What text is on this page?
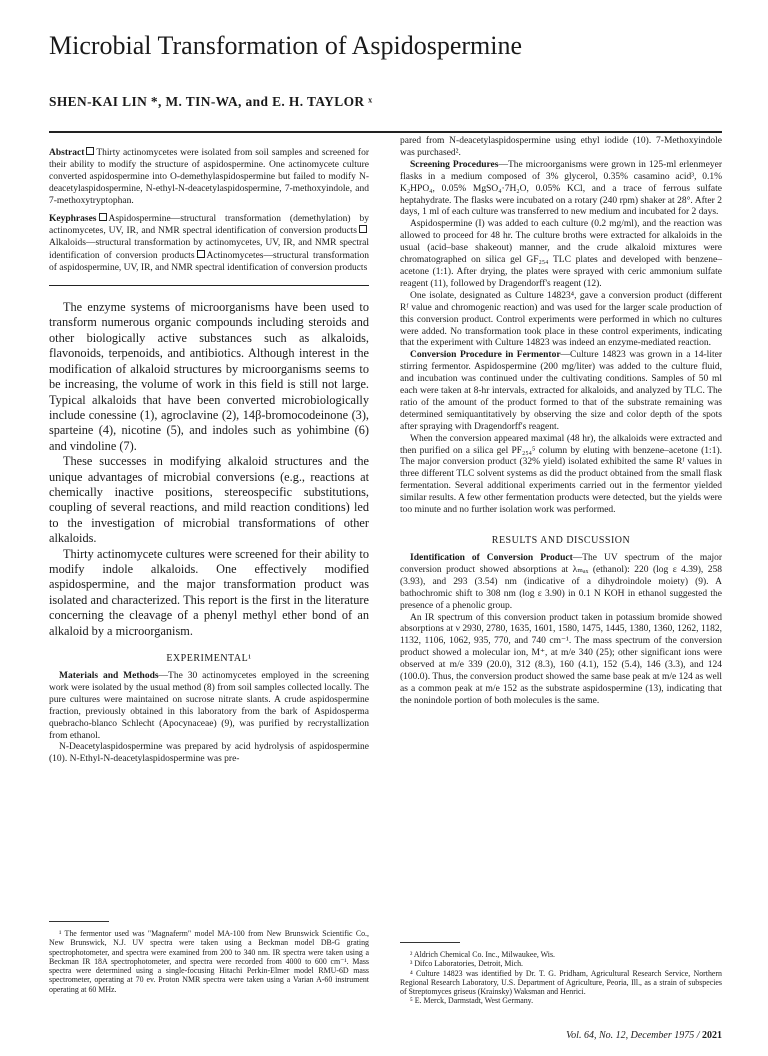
Microbial Transformation of Aspidospermine
SHEN-KAI LIN *, M. TIN-WA, and E. H. TAYLOR ˣ

Abstract Thirty actinomycetes were isolated from soil samples and screened for their ability to modify the structure of aspidospermine. One actinomycete culture converted aspidospermine into O-demethylaspidospermine but failed to modify N-deacetylaspidospermine, N-ethyl-N-deacetylaspidospermine, 7-methoxyindole, and 7-methoxytryptophan.

Keyphrases Aspidospermine—structural transformation (demethylation) by actinomycetes, UV, IR, and NMR spectral identification of conversion productsAlkaloids—structural transformation by actinomycetes, UV, IR, and NMR spectral identification of conversion products Actinomycetes—structural transformation of aspidospermine, UV, IR, and NMR spectral identification of conversion products

The enzyme systems of microorganisms have been used to transform numerous organic compounds including steroids and other biologically active substances such as alkaloids, flavonoids, terpenoids, and antibiotics. Although interest in the modification of alkaloid structures by microorganisms seems to be increasing, the volume of work in this field is still not large. Typical alkaloids that have been converted microbiologically include conessine (1), agroclavine (2), 14β-bromocodeinone (3), sparteine (4), nicotine (5), and indoles such as yohimbine (6) and vindoline (7).

These successes in modifying alkaloid structures and the unique advantages of microbial conversions (e.g., reactions at chemically inactive positions, stereospecific substitutions, coupling of several reactions, and mild reaction conditions) led to the investigation of microbial transformations of other alkaloids.

Thirty actinomycete cultures were screened for their ability to modify indole alkaloids. One effectively modified aspidospermine, and the major transformation product was isolated and characterized. This report is the first in the literature concerning the cleavage of a phenyl methyl ether bond of an alkaloid by a microorganism.

EXPERIMENTAL¹

Materials and Methods—The 30 actinomycetes employed in the screening work were isolated by the usual method (8) from soil samples collected locally. The pure cultures were maintained on sucrose nitrate slants. A crude aspidospermine fraction, previously obtained in this laboratory from the bark of Aspidosperma quebracho-blanco Schlecht (Apocynaceae) (9), was purified by recrystallization from ethanol.

N-Deacetylaspidospermine was prepared by acid hydrolysis of aspidospermine (10). N-Ethyl-N-deacetylaspidospermine was pre-

¹ The fermentor used was "Magnaferm" model MA-100 from New Brunswick Scientific Co., New Brunswick, N.J. UV spectra were taken using a Beckman model DB-G grating spectrophotometer, and spectra were examined from 200 to 340 nm. IR spectra were taken using a Beckman IR 18A spectrophotometer, and spectra were recorded from 4000 to 600 cm⁻¹. Mass spectra were determined using a single-focusing Hitachi Perkin-Elmer model RMU-6D mass spectrometer, operating at 70 ev. Proton NMR spectra were taken using a Varian A-60 instrument operating at 60 MHz.

pared from N-deacetylaspidospermine using ethyl iodide (10). 7-Methoxyindole was purchased².

Screening Procedures—The microorganisms were grown in 125-ml erlenmeyer flasks in a medium composed of 3% glycerol, 0.35% casamino acid³, 0.1% K₂HPO₄, 0.05% MgSO₄·7H₂O, 0.05% KCl, and a trace of ferrous sulfate heptahydrate. The flasks were incubated on a rotary (240 rpm) shaker at 28°. After 2 days, 1 ml of each culture was transferred to new medium and incubated for 2 days.

Aspidospermine (I) was added to each culture (0.2 mg/ml), and the reaction was allowed to proceed for 48 hr. The culture broths were extracted for alkaloids in the usual (acid–base shakeout) manner, and the crude alkaloid mixtures were chromatographed on silica gel GF₂₅₄ TLC plates and developed with benzene–acetone (1:1). After drying, the plates were sprayed with ceric ammonium sulfate reagent (11), followed by Dragendorff's reagent (12).

One isolate, designated as Culture 14823⁴, gave a conversion product (different Rᶠ value and chromogenic reaction) and was used for the larger scale production of this conversion product. Control experiments were performed in which no cultures were added. No transformation took place in these control experiments, indicating that the experiment with Culture 14823 was indeed an enzyme-mediated reaction.

Conversion Procedure in Fermentor—Culture 14823 was grown in a 14-liter stirring fermentor. Aspidospermine (200 mg/liter) was added to the culture fluid, and incubation was continued under the cultivating conditions. Samples of 50 ml each were taken at 8-hr intervals, extracted for alkaloids, and analyzed by TLC. The ratio of the amount of the product formed to that of the substrate remaining was determined semiquantitatively by observing the size and color depth of the spots after spraying with Dragendorff's reagent.

When the conversion appeared maximal (48 hr), the alkaloids were extracted and then purified on a silica gel PF₂₅₄⁵ column by eluting with benzene–acetone (1:1). The major conversion product (32% yield) isolated exhibited the same Rᶠ values in three different TLC solvent systems as did the product obtained from the small flask fermentation. Several additional experiments carried out in the fermentor yielded similar results. A few other fermentation products were detected, but the yields were too minute and no further isolation work was performed.

RESULTS AND DISCUSSION

Identification of Conversion Product—The UV spectrum of the major conversion product showed absorptions at λₘₐₓ (ethanol): 220 (log ε 4.39), 258 (3.93), and 293 (3.54) nm (indicative of a dihydroindole moiety) (9). A bathochromic shift to 308 nm (log ε 3.90) in 0.1 N KOH in ethanol suggested the presence of a phenolic group.

An IR spectrum of this conversion product taken in potassium bromide showed absorptions at ν 2930, 2780, 1635, 1601, 1580, 1475, 1445, 1380, 1360, 1262, 1182, 1132, 1106, 1062, 935, 770, and 740 cm⁻¹. The mass spectrum of the conversion product showed a molecular ion, M⁺, at m/e 340 (25); other significant ions were observed at m/e 339 (20.0), 312 (8.3), 160 (4.1), 152 (5.4), 146 (3.3), and 124 (100.0). Thus, the conversion product showed the same base peak at m/e 124 as well as a common peak at m/e 152 as the substrate aspidospermine (13), indicating that the nonindole portion of both molecules is the same.

² Aldrich Chemical Co. Inc., Milwaukee, Wis.

³ Difco Laboratories, Detroit, Mich.

⁴ Culture 14823 was identified by Dr. T. G. Pridham, Agricultural Research Service, Northern Regional Research Laboratory, U.S. Department of Agriculture, Peoria, Ill., as a strain of subspecies of Streptomyces griseus (Krainsky) Waksman and Henrici.

⁵ E. Merck, Darmstadt, West Germany.

Vol. 64, No. 12, December 1975 / 2021
